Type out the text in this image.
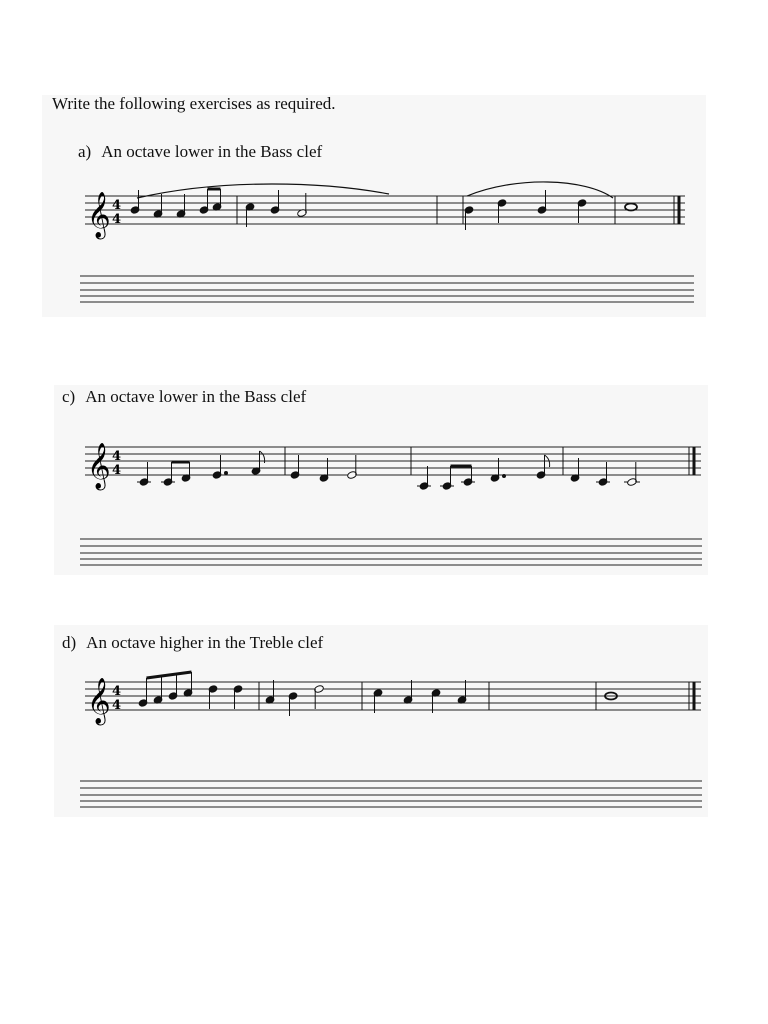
Write the following exercises as required.
a) An octave lower in the Bass clef
𝄞 4
4
c) An octave lower in the Bass clef
𝄞 4
4
d) An octave higher in the Treble clef
𝄞 4
4
